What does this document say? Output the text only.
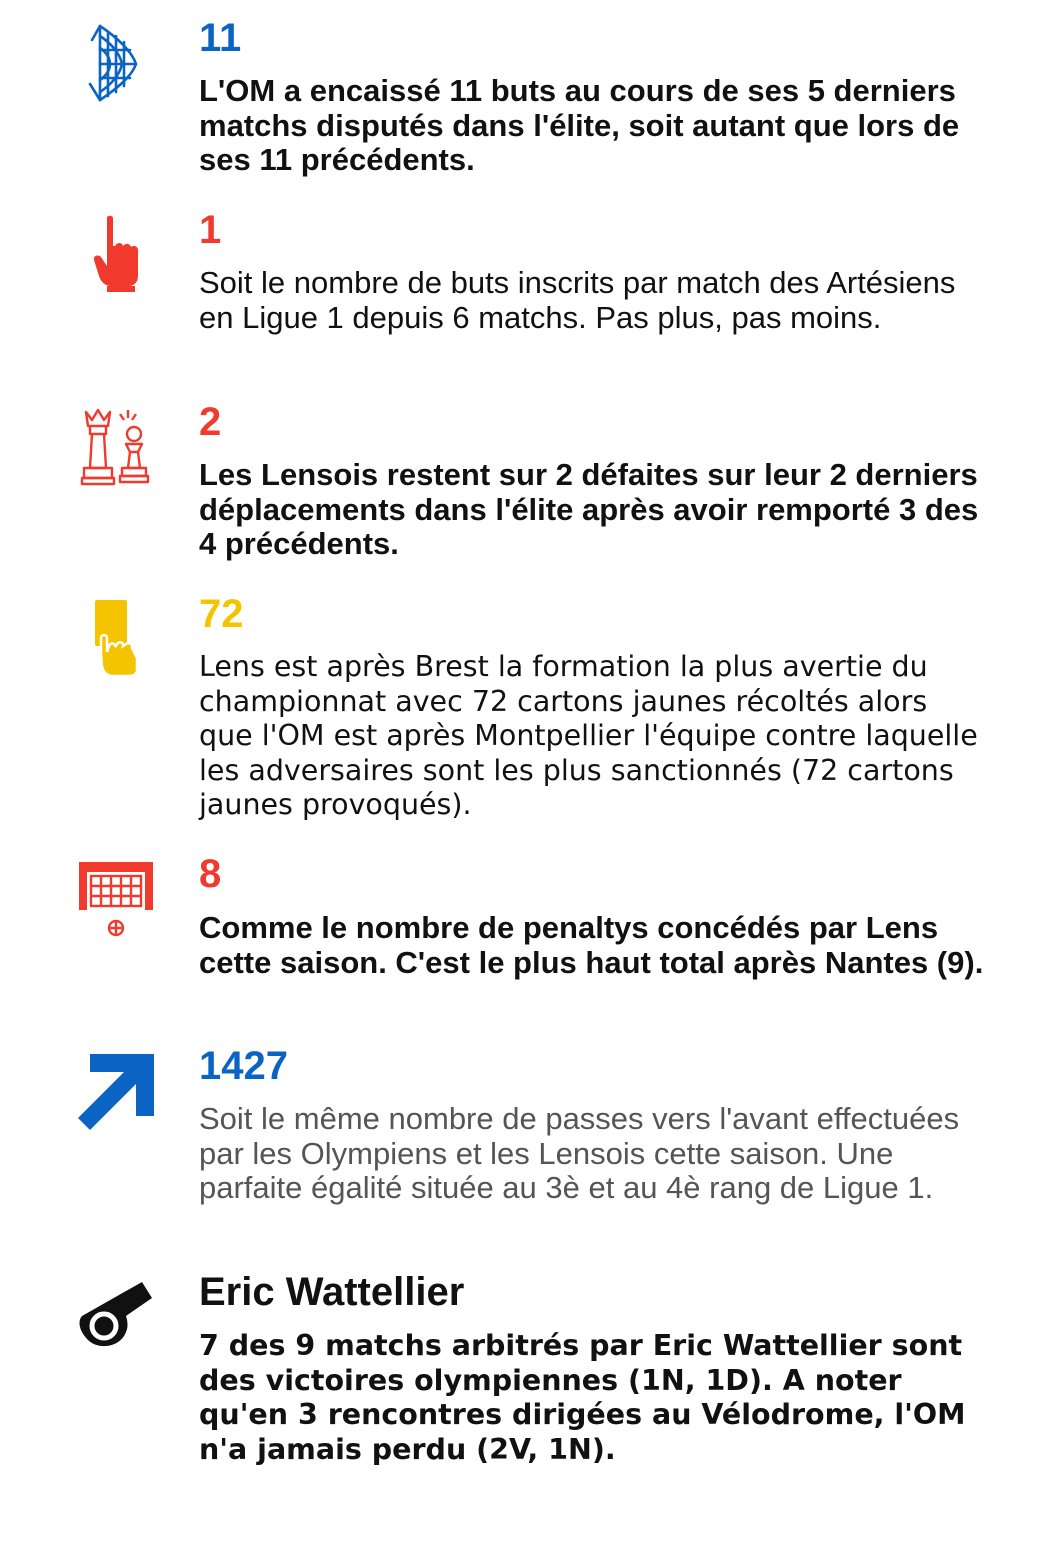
11

L'OM a encaissé 11 buts au cours de ses 5 derniers matchs disputés dans l'élite, soit autant que lors de ses 11 précédents.

1

Soit le nombre de buts inscrits par match des Artésiens en Ligue 1 depuis 6 matchs. Pas plus, pas moins.

2

Les Lensois restent sur 2 défaites sur leur 2 derniers déplacements dans l'élite après avoir remporté 3 des 4 précédents.

72

Lens est après Brest la formation la plus avertie du championnat avec 72 cartons jaunes récoltés alors que l'OM est après Montpellier l'équipe contre laquelle les adversaires sont les plus sanctionnés (72 cartons jaunes provoqués).

8

Comme le nombre de penaltys concédés par Lens cette saison. C'est le plus haut total après Nantes (9).

1427

Soit le même nombre de passes vers l'avant effectuées par les Olympiens et les Lensois cette saison. Une parfaite égalité située au 3è et au 4è rang de Ligue 1.

Eric Wattellier

7 des 9 matchs arbitrés par Eric Wattellier sont des victoires olympiennes (1N, 1D). A noter qu'en 3 rencontres dirigées au Vélodrome, l'OM n'a jamais perdu (2V, 1N).
